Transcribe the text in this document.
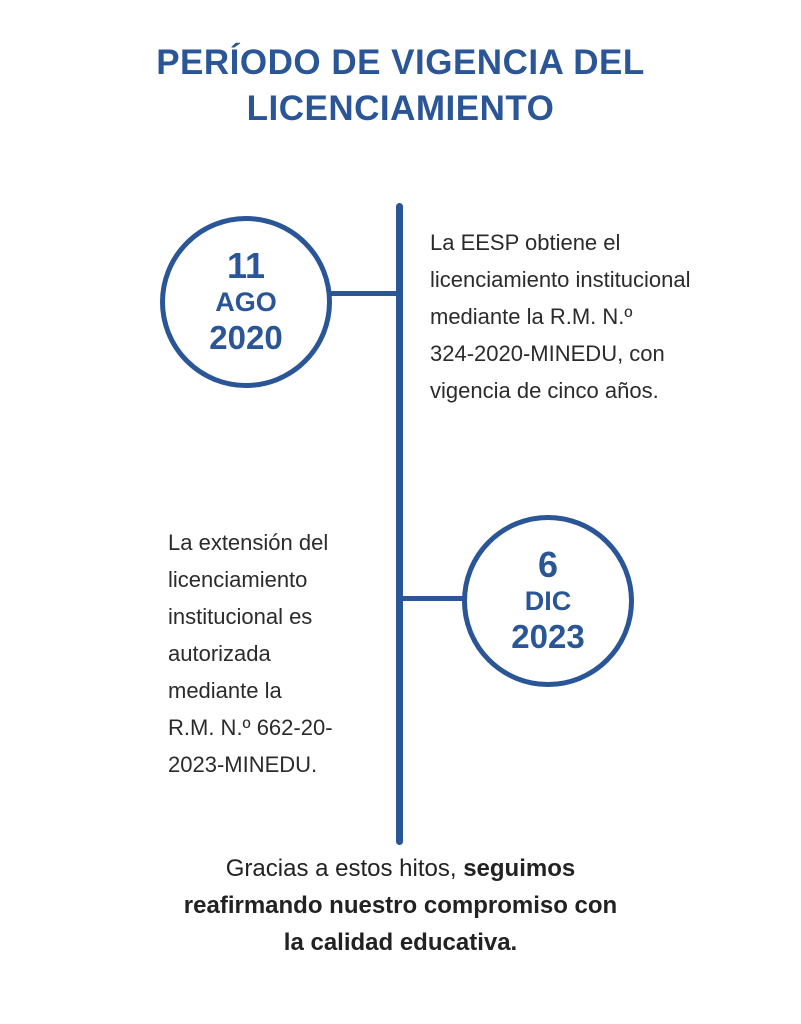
PERÍODO DE VIGENCIA DEL
LICENCIAMIENTO
11
AGO
2020

La EESP obtiene el
licenciamiento institucional
mediante la R.M. N.º
324-2020-MINEDU, con
vigencia de cinco años.

6
DIC
2023

La extensión del
licenciamiento
institucional es
autorizada
mediante la
R.M. N.º 662-20-
2023-MINEDU.

Gracias a estos hitos, seguimos
reafirmando nuestro compromiso con
la calidad educativa.
